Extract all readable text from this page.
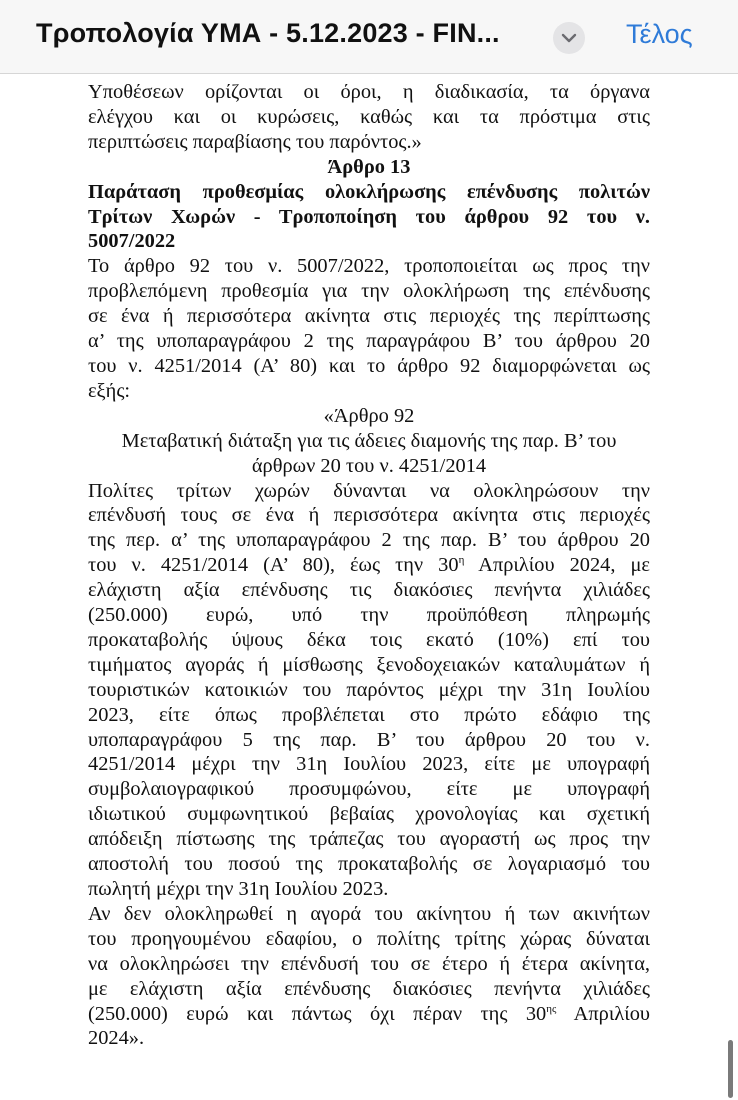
Τροπολογία ΥΜΑ - 5.12.2023 - FIN...	Τέλος

Υποθέσεων ορίζονται οι όροι, η διαδικασία, τα όργανα
ελέγχου και οι κυρώσεις, καθώς και τα πρόστιμα στις
περιπτώσεις παραβίασης του παρόντος.»
Άρθρο 13
Παράταση προθεσμίας ολοκλήρωσης επένδυσης πολιτών
Τρίτων Χωρών - Τροποποίηση του άρθρου 92 του ν.
5007/2022
Το άρθρο 92 του ν. 5007/2022, τροποποιείται ως προς την
προβλεπόμενη προθεσμία για την ολοκλήρωση της επένδυσης
σε ένα ή περισσότερα ακίνητα στις περιοχές της περίπτωσης
α’ της υποπαραγράφου 2 της παραγράφου Β’ του άρθρου 20
του ν. 4251/2014 (Α’ 80) και το άρθρο 92 διαμορφώνεται ως
εξής:
«Άρθρο 92
Μεταβατική διάταξη για τις άδειες διαμονής της παρ. Β’ του
άρθρων 20 του ν. 4251/2014
Πολίτες τρίτων χωρών δύνανται να ολοκληρώσουν την
επένδυσή τους σε ένα ή περισσότερα ακίνητα στις περιοχές
της περ. α’ της υποπαραγράφου 2 της παρ. Β’ του άρθρου 20
του ν. 4251/2014 (Α’ 80), έως την $30^\eta$ Απριλίου 2024, με
ελάχιστη αξία επένδυσης τις διακόσιες πενήντα χιλιάδες
(250.000) ευρώ, υπό την προϋπόθεση πληρωμής
προκαταβολής ύψους δέκα τοις εκατό (10%) επί του
τιμήματος αγοράς ή μίσθωσης ξενοδοχειακών καταλυμάτων ή
τουριστικών κατοικιών του παρόντος μέχρι την 31η Ιουλίου
2023, είτε όπως προβλέπεται στο πρώτο εδάφιο της
υποπαραγράφου 5 της παρ. Β’ του άρθρου 20 του ν.
4251/2014 μέχρι την 31η Ιουλίου 2023, είτε με υπογραφή
συμβολαιογραφικού προσυμφώνου, είτε με υπογραφή
ιδιωτικού συμφωνητικού βεβαίας χρονολογίας και σχετική
απόδειξη πίστωσης της τράπεζας του αγοραστή ως προς την
αποστολή του ποσού της προκαταβολής σε λογαριασμό του
πωλητή μέχρι την 31η Ιουλίου 2023.
Αν δεν ολοκληρωθεί η αγορά του ακίνητου ή των ακινήτων
του προηγουμένου εδαφίου, ο πολίτης τρίτης χώρας δύναται
να ολοκληρώσει την επένδυσή του σε έτερο ή έτερα ακίνητα,
με ελάχιστη αξία επένδυσης διακόσιες πενήντα χιλιάδες
(250.000) ευρώ και πάντως όχι πέραν της $30^{\eta\varsigma}$ Απριλίου
2024».
